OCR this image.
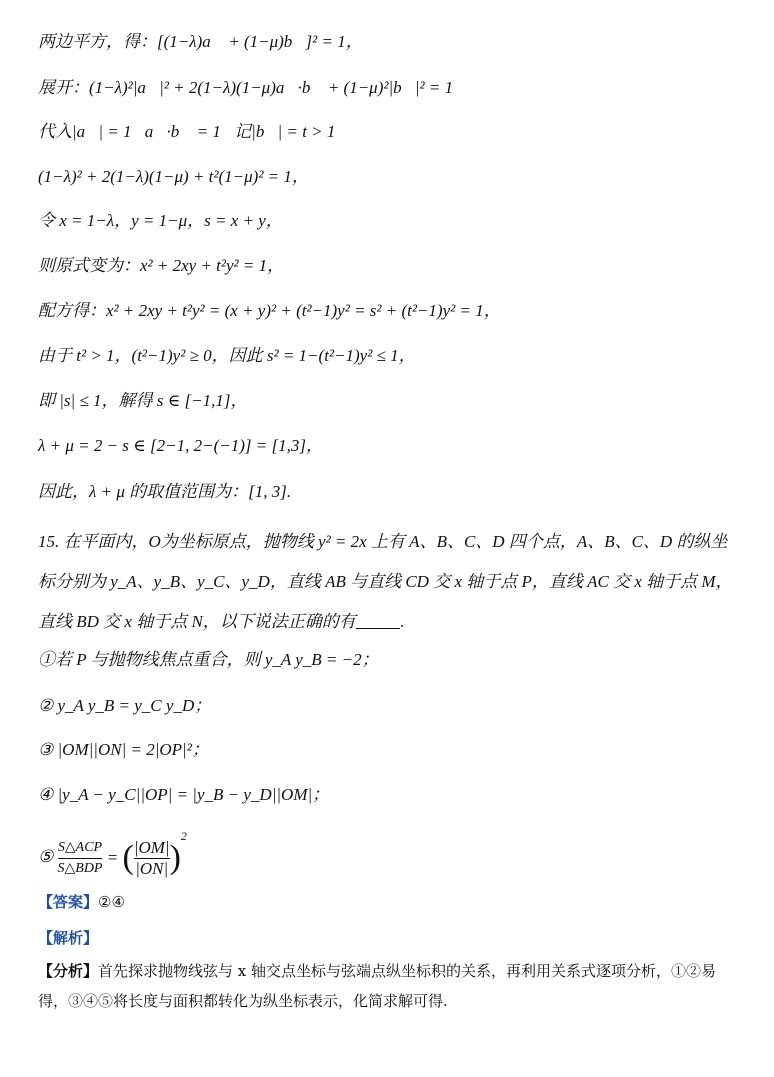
两边平方，得：[(1−λ)a⃗ + (1−μ)b⃗]² = 1，
展开：(1−λ)²|a⃗|² + 2(1−λ)(1−μ)a⃗·b⃗ + (1−μ)²|b⃗|² = 1，
代入|a⃗| = 1，a⃗·b⃗ = 1，记|b⃗| = t > 1，
(1−λ)² + 2(1−λ)(1−μ) + t²(1−μ)² = 1，
令 x = 1−λ，y = 1−μ，s = x + y，
则原式变为：x² + 2xy + t²y² = 1，
配方得：x² + 2xy + t²y² = (x + y)² + (t²−1)y² = s² + (t²−1)y² = 1，
由于 t² > 1，(t²−1)y² ≥ 0，因此 s² = 1−(t²−1)y² ≤ 1，
即 |s| ≤ 1，解得 s ∈ [−1,1]，
λ + μ = 2 − s ∈ [2−1, 2−(−1)] = [1,3]，
因此，λ + μ 的取值范围为：[1, 3].
15. 在平面内，O为坐标原点，抛物线 y² = 2x 上有 A、B、C、D 四个点，A、B、C、D 的纵坐标分别为 y_A、y_B、y_C、y_D，直线 AB 与直线 CD 交 x 轴于点 P，直线 AC 交 x 轴于点 M，直线 BD 交 x 轴于点 N，以下说法正确的有	.
①若 P 与抛物线焦点重合，则 y_A y_B = −2；
② y_A y_B = y_C y_D；
③ |OM||ON| = 2|OP|²；
④ |y_A − y_C||OP| = |y_B − y_D||OM|；
⑤ $\frac{\text{S△ACP}}{\text{S△BDP}}$ = ( $\frac{|OM|}{|ON|} )^2$
【答案】②④
【解析】
【分析】首先探求抛物线弦与 x 轴交点坐标与弦端点纵坐标积的关系，再利用关系式逐项分析，①②易得，③④⑤将长度与面积都转化为纵坐标表示，化简求解可得.
